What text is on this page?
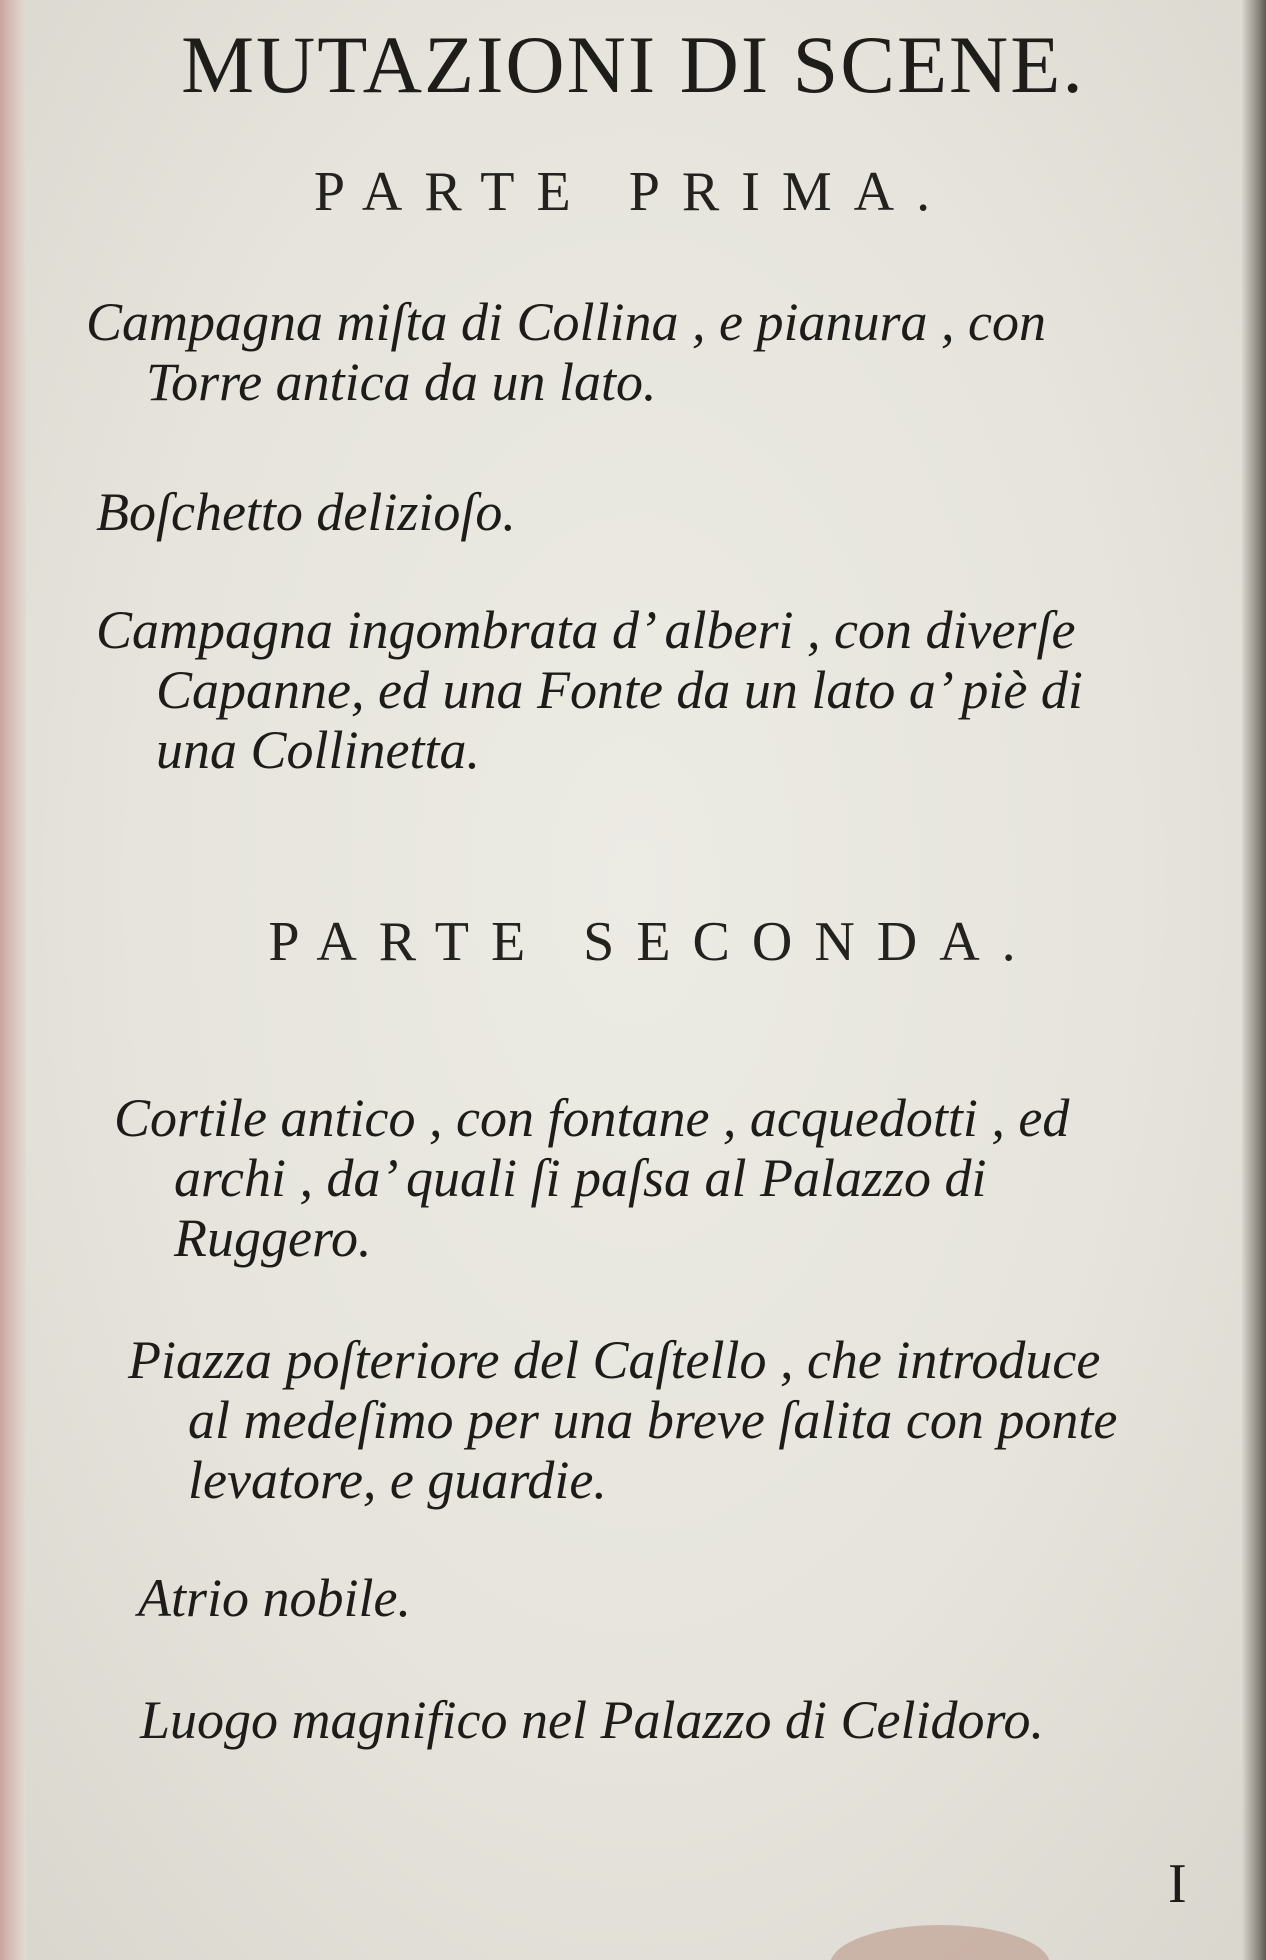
MUTAZIONI DI SCENE.
PARTE PRIMA.
Campagna miſta di Collina , e pianura , con
Torre antica da un lato.
Boſchetto delizioſo.
Campagna ingombrata d’ alberi , con diverſe
Capanne, ed una Fonte da un lato a’ piè di
una Collinetta.
PARTE SECONDA.
Cortile antico , con fontane , acquedotti , ed
archi , da’ quali ſi paſsa al Palazzo di
Ruggero.
Piazza poſteriore del Caſtello , che introduce
al medeſimo per una breve ſalita con ponte
levatore, e guardie.
Atrio nobile.
Luogo magnifico nel Palazzo di Celidoro.
I
